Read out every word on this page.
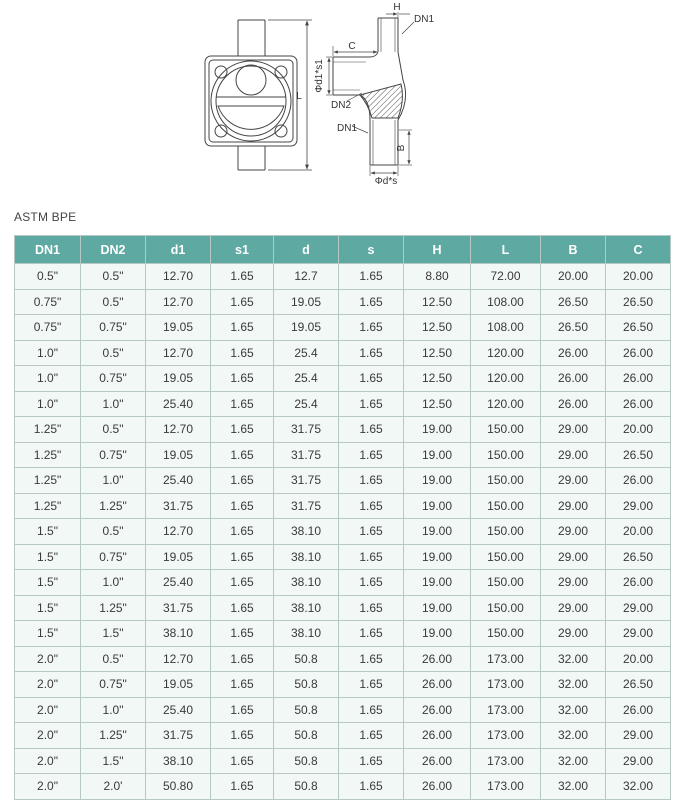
L
H
DN1
C
Φd1*s1
DN2
DN1
B
Φd*s
ASTM BPE
DN1	DN2	d1	s1	d	s	H	L	B	C
0.5"	0.5"	12.70	1.65	12.7	1.65	8.80	72.00	20.00	20.00
0.75"	0.5"	12.70	1.65	19.05	1.65	12.50	108.00	26.50	26.50
0.75"	0.75"	19.05	1.65	19.05	1.65	12.50	108.00	26.50	26.50
1.0"	0.5"	12.70	1.65	25.4	1.65	12.50	120.00	26.00	26.00
1.0"	0.75"	19.05	1.65	25.4	1.65	12.50	120.00	26.00	26.00
1.0"	1.0"	25.40	1.65	25.4	1.65	12.50	120.00	26.00	26.00
1.25"	0.5"	12.70	1.65	31.75	1.65	19.00	150.00	29.00	20.00
1.25"	0.75"	19.05	1.65	31.75	1.65	19.00	150.00	29.00	26.50
1.25"	1.0"	25.40	1.65	31.75	1.65	19.00	150.00	29.00	26.00
1.25"	1.25"	31.75	1.65	31.75	1.65	19.00	150.00	29.00	29.00
1.5"	0.5"	12.70	1.65	38.10	1.65	19.00	150.00	29.00	20.00
1.5"	0.75"	19.05	1.65	38.10	1.65	19.00	150.00	29.00	26.50
1.5"	1.0"	25.40	1.65	38.10	1.65	19.00	150.00	29.00	26.00
1.5"	1.25"	31.75	1.65	38.10	1.65	19.00	150.00	29.00	29.00
1.5"	1.5"	38.10	1.65	38.10	1.65	19.00	150.00	29.00	29.00
2.0"	0.5"	12.70	1.65	50.8	1.65	26.00	173.00	32.00	20.00
2.0"	0.75"	19.05	1.65	50.8	1.65	26.00	173.00	32.00	26.50
2.0"	1.0"	25.40	1.65	50.8	1.65	26.00	173.00	32.00	26.00
2.0"	1.25"	31.75	1.65	50.8	1.65	26.00	173.00	32.00	29.00
2.0"	1.5"	38.10	1.65	50.8	1.65	26.00	173.00	32.00	29.00
2.0"	2.0'	50.80	1.65	50.8	1.65	26.00	173.00	32.00	32.00
